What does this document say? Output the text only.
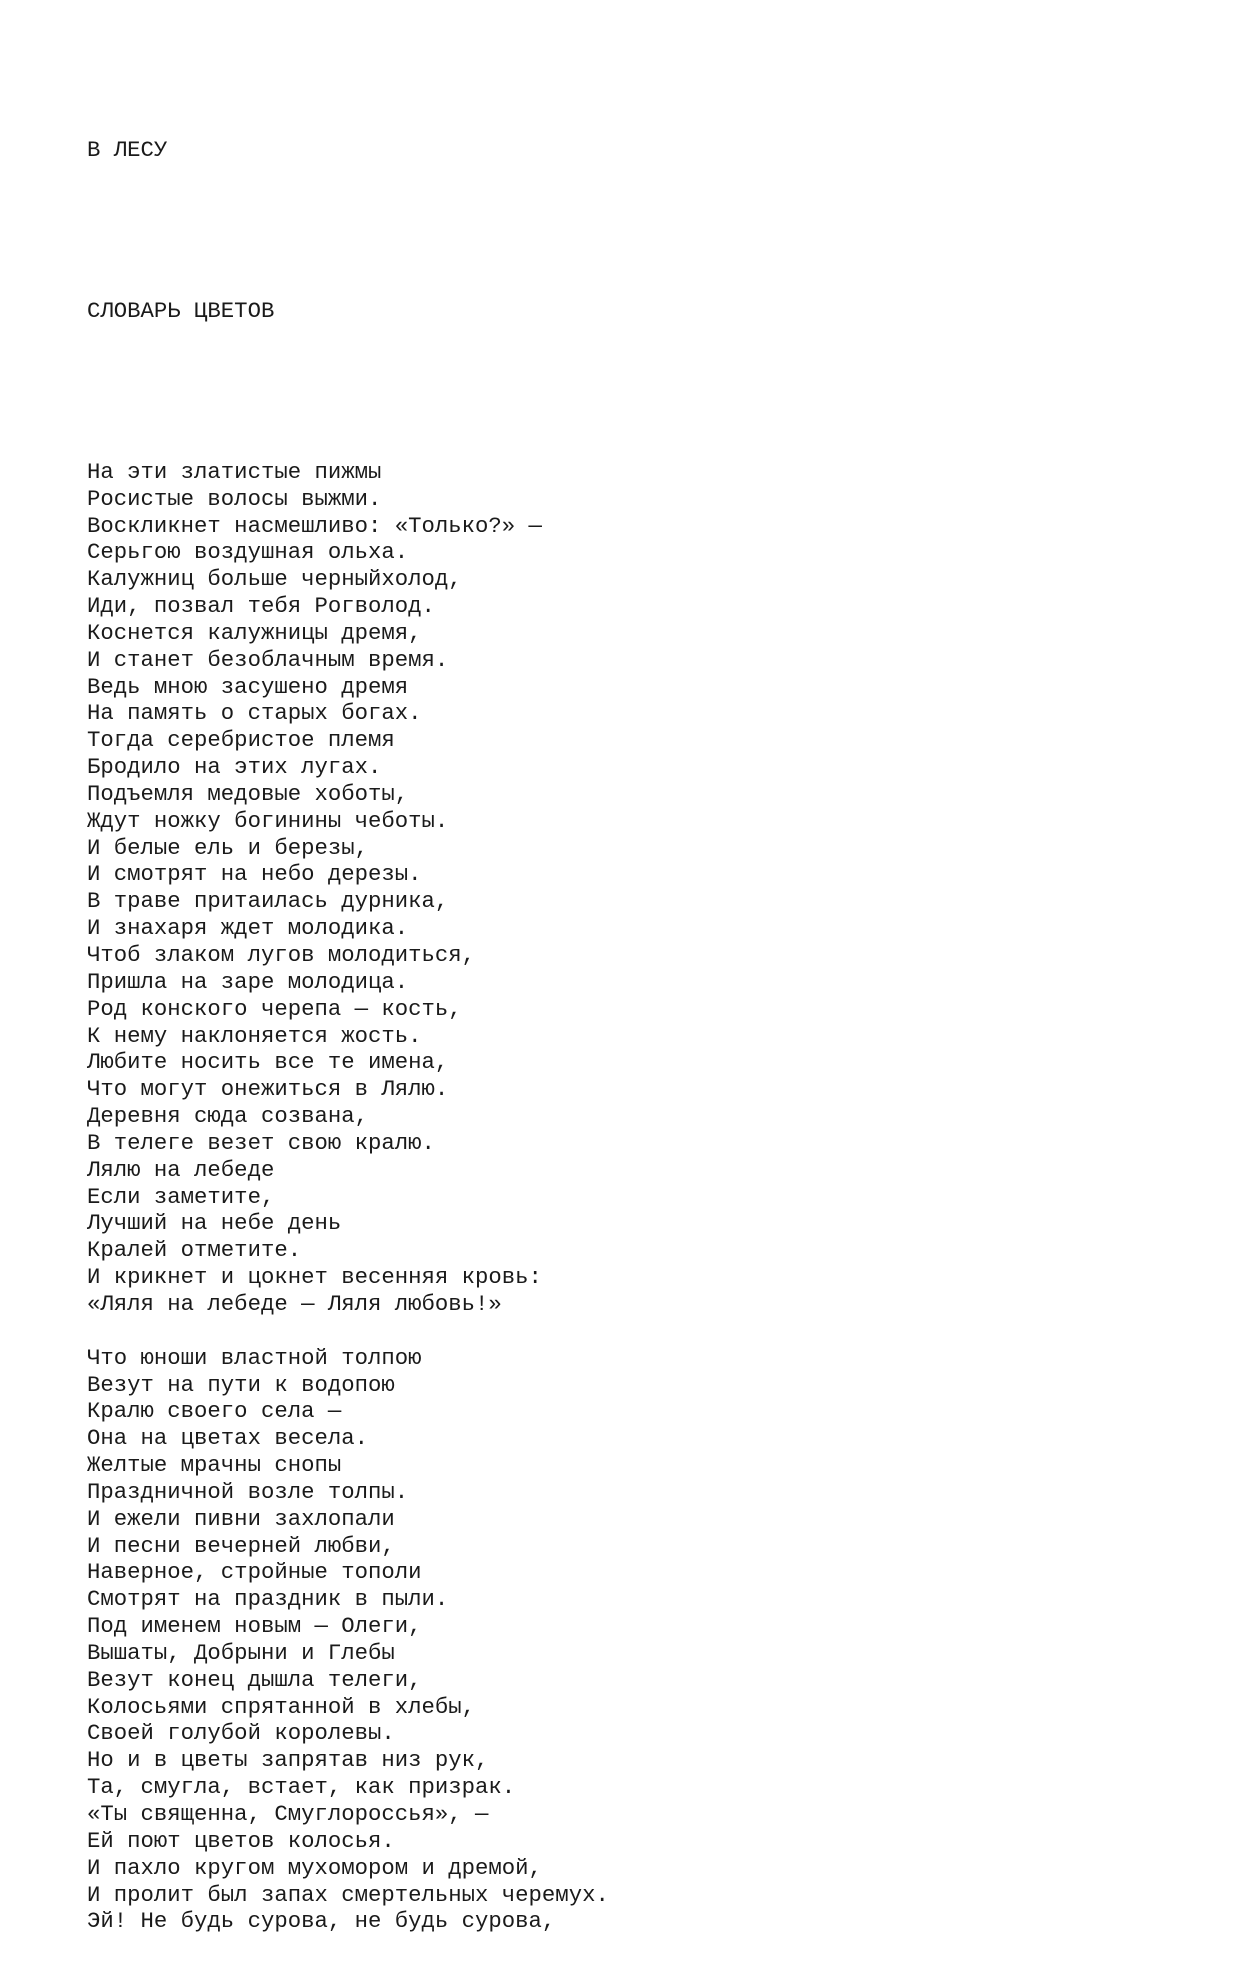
В ЛЕСУ

СЛОВАРЬ ЦВЕТОВ

На эти златистые пижмы
Росистые волосы выжми.
Воскликнет насмешливо: «Только?» —
Серьгою воздушная ольха.
Калужниц больше черныйхолод,
Иди, позвал тебя Рогволод.
Коснется калужницы дремя,
И станет безоблачным время.
Ведь мною засушено дремя
На память о старых богах.
Тогда серебристое племя
Бродило на этих лугах.
Подъемля медовые хоботы,
Ждут ножку богинины чеботы.
И белые ель и березы,
И смотрят на небо дерезы.
В траве притаилась дурника,
И знахаря ждет молодика.
Чтоб злаком лугов молодиться,
Пришла на заре молодица.
Род конского черепа — кость,
К нему наклоняется жость.
Любите носить все те имена,
Что могут онежиться в Лялю.
Деревня сюда созвана,
В телеге везет свою кралю.
Лялю на лебеде
Если заметите,
Лучший на небе день
Кралей отметите.
И крикнет и цокнет весенняя кровь:
«Ляля на лебеде — Ляля любовь!»
Что юноши властной толпою
Везут на пути к водопою
Кралю своего села —
Она на цветах весела.
Желтые мрачны снопы
Праздничной возле толпы.
И ежели пивни захлопали
И песни вечерней любви,
Наверное, стройные тополи
Смотрят на праздник в пыли.
Под именем новым — Олеги,
Вышаты, Добрыни и Глебы
Везут конец дышла телеги,
Колосьями спрятанной в хлебы,
Своей голубой королевы.
Но и в цветы запрятав низ рук,
Та, смугла, встает, как призрак.
«Ты священна, Смуглороссья», —
Ей поют цветов колосья.
И пахло кругом мухомором и дремой,
И пролит был запах смертельных черемух.
Эй! Не будь сурова, не будь сурова,
